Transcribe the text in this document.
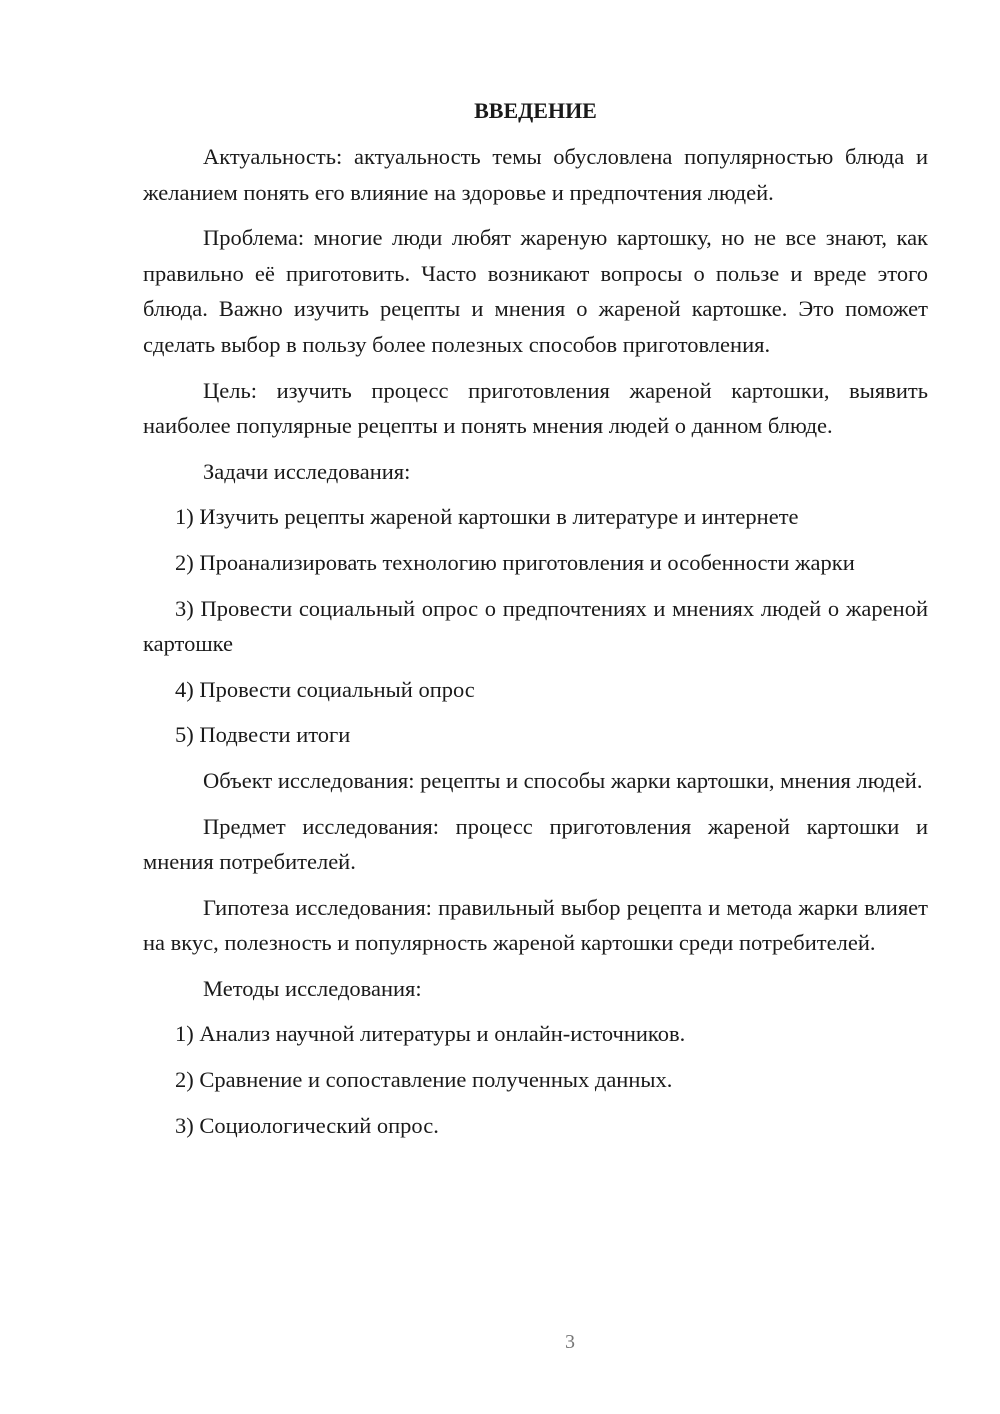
ВВЕДЕНИЕ

Актуальность: актуальность темы обусловлена популярностью блюда и желанием понять его влияние на здоровье и предпочтения людей.

Проблема: многие люди любят жареную картошку, но не все знают, как правильно её приготовить. Часто возникают вопросы о пользе и вреде этого блюда. Важно изучить рецепты и мнения о жареной картошке. Это поможет сделать выбор в пользу более полезных способов приготовления.

Цель: изучить процесс приготовления жареной картошки, выявить наиболее популярные рецепты и понять мнения людей о данном блюде.

Задачи исследования:

1) Изучить рецепты жареной картошки в литературе и интернете

2) Проанализировать технологию приготовления и особенности жарки

3) Провести социальный опрос о предпочтениях и мнениях людей о жареной картошке

4) Провести социальный опрос

5) Подвести итоги

Объект исследования: рецепты и способы жарки картошки, мнения людей.

Предмет исследования: процесс приготовления жареной картошки и мнения потребителей.

Гипотеза исследования: правильный выбор рецепта и метода жарки влияет на вкус, полезность и популярность жареной картошки среди потребителей.

Методы исследования:

1) Анализ научной литературы и онлайн-источников.

2) Сравнение и сопоставление полученных данных.

3) Социологический опрос.

3
